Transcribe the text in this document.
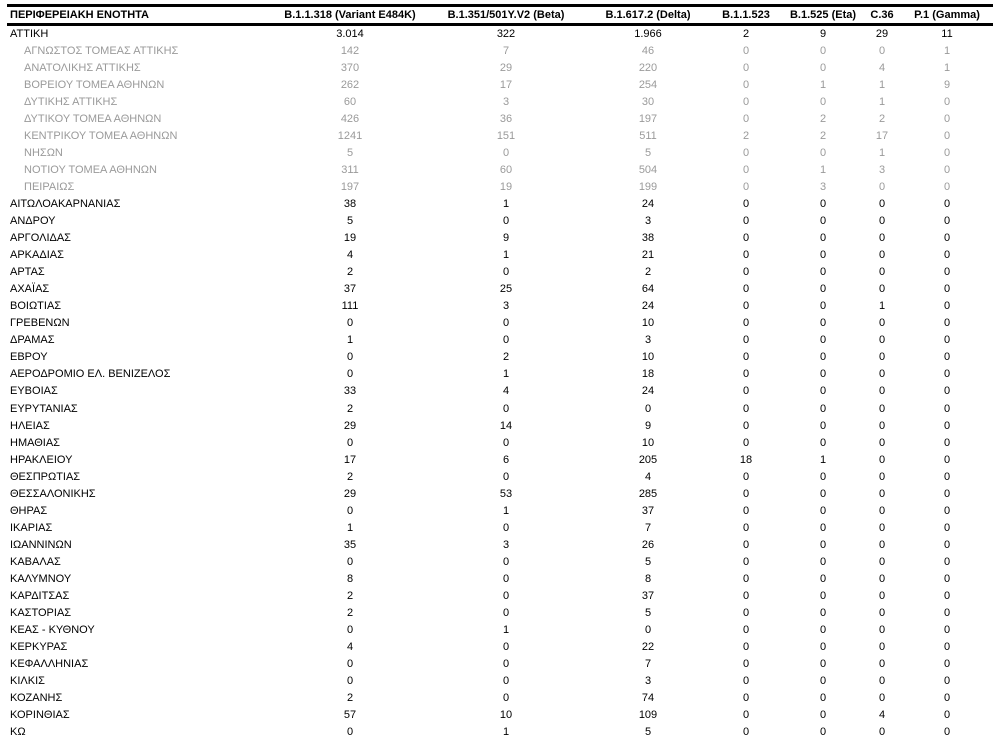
ΠΕΡΙΦΕΡΕΙΑΚΗ ΕΝΟΤΗΤΑ	B.1.1.318 (Variant E484K)	B.1.351/501Y.V2 (Beta)	B.1.617.2 (Delta)	B.1.1.523	B.1.525 (Eta)	C.36	P.1 (Gamma)
ΑΤΤΙΚΗ	3.014	322	1.966	2	9	29	11
ΑΓΝΩΣΤΟΣ ΤΟΜΕΑΣ ΑΤΤΙΚΗΣ	142	7	46	0	0	0	1
ΑΝΑΤΟΛΙΚΗΣ ΑΤΤΙΚΗΣ	370	29	220	0	0	4	1
ΒΟΡΕΙΟΥ ΤΟΜΕΑ ΑΘΗΝΩΝ	262	17	254	0	1	1	9
ΔΥΤΙΚΗΣ ΑΤΤΙΚΗΣ	60	3	30	0	0	1	0
ΔΥΤΙΚΟΥ ΤΟΜΕΑ ΑΘΗΝΩΝ	426	36	197	0	2	2	0
ΚΕΝΤΡΙΚΟΥ ΤΟΜΕΑ ΑΘΗΝΩΝ	1241	151	511	2	2	17	0
ΝΗΣΩΝ	5	0	5	0	0	1	0
ΝΟΤΙΟΥ ΤΟΜΕΑ ΑΘΗΝΩΝ	311	60	504	0	1	3	0
ΠΕΙΡΑΙΩΣ	197	19	199	0	3	0	0
ΑΙΤΩΛΟΑΚΑΡΝΑΝΙΑΣ	38	1	24	0	0	0	0
ΑΝΔΡΟΥ	5	0	3	0	0	0	0
ΑΡΓΟΛΙΔΑΣ	19	9	38	0	0	0	0
ΑΡΚΑΔΙΑΣ	4	1	21	0	0	0	0
ΑΡΤΑΣ	2	0	2	0	0	0	0
ΑΧΑΪΑΣ	37	25	64	0	0	0	0
ΒΟΙΩΤΙΑΣ	111	3	24	0	0	1	0
ΓΡΕΒΕΝΩΝ	0	0	10	0	0	0	0
ΔΡΑΜΑΣ	1	0	3	0	0	0	0
ΕΒΡΟΥ	0	2	10	0	0	0	0
ΑΕΡΟΔΡΟΜΙΟ ΕΛ. ΒΕΝΙΖΕΛΟΣ	0	1	18	0	0	0	0
ΕΥΒΟΙΑΣ	33	4	24	0	0	0	0
ΕΥΡΥΤΑΝΙΑΣ	2	0	0	0	0	0	0
ΗΛΕΙΑΣ	29	14	9	0	0	0	0
ΗΜΑΘΙΑΣ	0	0	10	0	0	0	0
ΗΡΑΚΛΕΙΟΥ	17	6	205	18	1	0	0
ΘΕΣΠΡΩΤΙΑΣ	2	0	4	0	0	0	0
ΘΕΣΣΑΛΟΝΙΚΗΣ	29	53	285	0	0	0	0
ΘΗΡΑΣ	0	1	37	0	0	0	0
ΙΚΑΡΙΑΣ	1	0	7	0	0	0	0
ΙΩΑΝΝΙΝΩΝ	35	3	26	0	0	0	0
ΚΑΒΑΛΑΣ	0	0	5	0	0	0	0
ΚΑΛΥΜΝΟΥ	8	0	8	0	0	0	0
ΚΑΡΔΙΤΣΑΣ	2	0	37	0	0	0	0
ΚΑΣΤΟΡΙΑΣ	2	0	5	0	0	0	0
ΚΕΑΣ - ΚΥΘΝΟΥ	0	1	0	0	0	0	0
ΚΕΡΚΥΡΑΣ	4	0	22	0	0	0	0
ΚΕΦΑΛΛΗΝΙΑΣ	0	0	7	0	0	0	0
ΚΙΛΚΙΣ	0	0	3	0	0	0	0
ΚΟΖΑΝΗΣ	2	0	74	0	0	0	0
ΚΟΡΙΝΘΙΑΣ	57	10	109	0	0	4	0
ΚΩ	0	1	5	0	0	0	0
